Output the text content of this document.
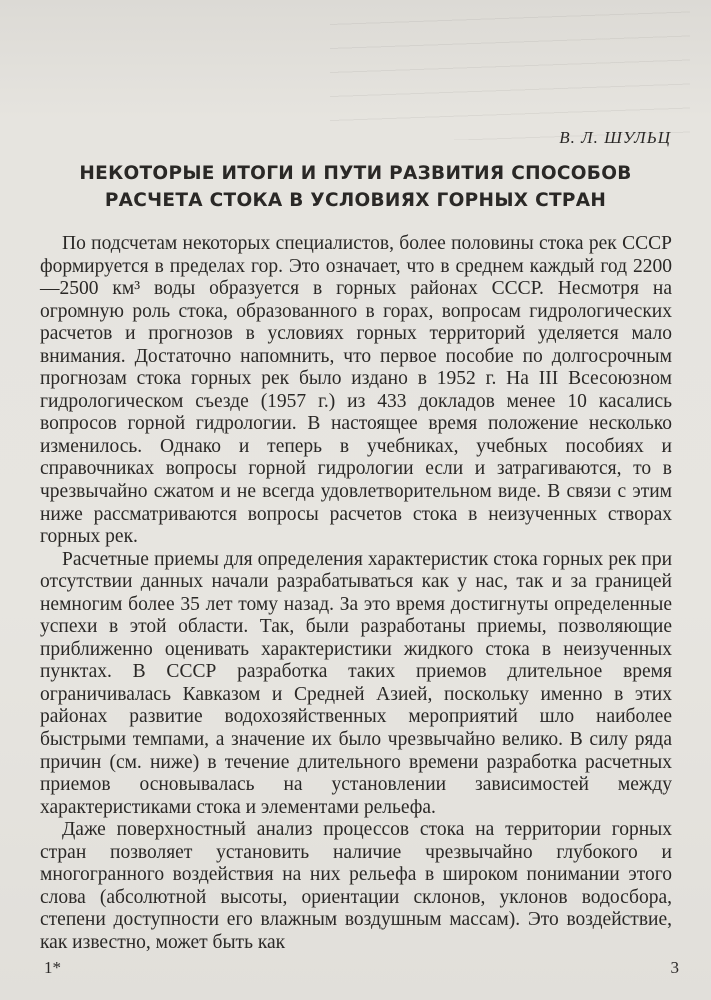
В. Л. ШУЛЬЦ
НЕКОТОРЫЕ ИТОГИ И ПУТИ РАЗВИТИЯ СПОСОБОВ
РАСЧЕТА СТОКА В УСЛОВИЯХ ГОРНЫХ СТРАН

По подсчетам некоторых специалистов, более половины стока рек СССР формируется в пределах гор. Это означает, что в среднем каждый год 2200—2500 км³ воды образуется в горных районах СССР. Несмотря на огромную роль стока, образованного в горах, вопросам гидрологических расчетов и прогнозов в условиях горных территорий уделяется мало внимания. Достаточно напомнить, что первое пособие по долгосрочным прогнозам стока горных рек было издано в 1952 г. На III Всесоюзном гидрологическом съезде (1957 г.) из 433 докладов менее 10 касались вопросов горной гидрологии. В настоящее время положение несколько изменилось. Однако и теперь в учебниках, учебных пособиях и справочниках вопросы горной гидрологии если и затрагиваются, то в чрезвычайно сжатом и не всегда удовлетворительном виде. В связи с этим ниже рассматриваются вопросы расчетов стока в неизученных створах горных рек.

Расчетные приемы для определения характеристик стока горных рек при отсутствии данных начали разрабатываться как у нас, так и за границей немногим более 35 лет тому назад. За это время достигнуты определенные успехи в этой области. Так, были разработаны приемы, позволяющие приближенно оценивать характеристики жидкого стока в неизученных пунктах. В СССР разработка таких приемов длительное время ограничивалась Кавказом и Средней Азией, поскольку именно в этих районах развитие водохозяйственных мероприятий шло наиболее быстрыми темпами, а значение их было чрезвычайно велико. В силу ряда причин (см. ниже) в течение длительного времени разработка расчетных приемов основывалась на установлении зависимостей между характеристиками стока и элементами рельефа.

Даже поверхностный анализ процессов стока на территории горных стран позволяет установить наличие чрезвычайно глубокого и многогранного воздействия на них рельефа в широком понимании этого слова (абсолютной высоты, ориентации склонов, уклонов водосбора, степени доступности его влажным воздушным массам). Это воздействие, как известно, может быть как

1*	3
